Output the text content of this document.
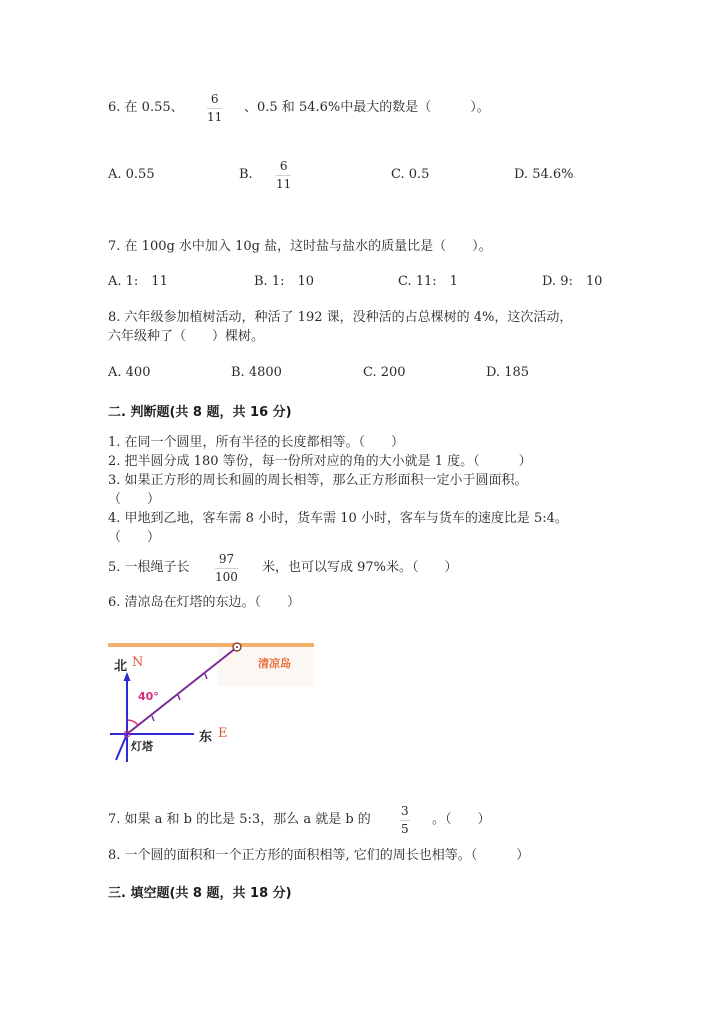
6. 在 0.55、
6
11
、0.5 和 54.6%中最大的数是（　　　）。
A. 0.55	B.
6
11
C. 0.5	D. 54.6%
7. 在 100g 水中加入 10g 盐，这时盐与盐水的质量比是（　　）。
A. 1:　11	B. 1:　10	C. 11:　1	D. 9:　10
8. 六年级参加植树活动，种活了 192 课，没种活的占总棵树的 4%，这次活动，
六年级种了（　　）棵树。
A. 400	B. 4800	C. 200	D. 185
二. 判断题(共 8 题，共 16 分)
1. 在同一个圆里，所有半径的长度都相等。（　　）
2. 把半圆分成 180 等份，每一份所对应的角的大小就是 1 度。（　　　）
3. 如果正方形的周长和圆的周长相等，那么正方形面积一定小于圆面积。
（　　）
4. 甲地到乙地，客车需 8 小时，货车需 10 小时，客车与货车的速度比是 5:4。
（　　）
5. 一根绳子长
97
100
米，也可以写成 97%米。（　　）
6. 清凉岛在灯塔的东边。（　　）
北 N
40°
东 E
灯塔
清凉岛
7. 如果 a 和 b 的比是 5:3，那么 a 就是 b 的
3
5
。（　　）
8. 一个圆的面积和一个正方形的面积相等, 它们的周长也相等。（　　　）
三. 填空题(共 8 题，共 18 分)
